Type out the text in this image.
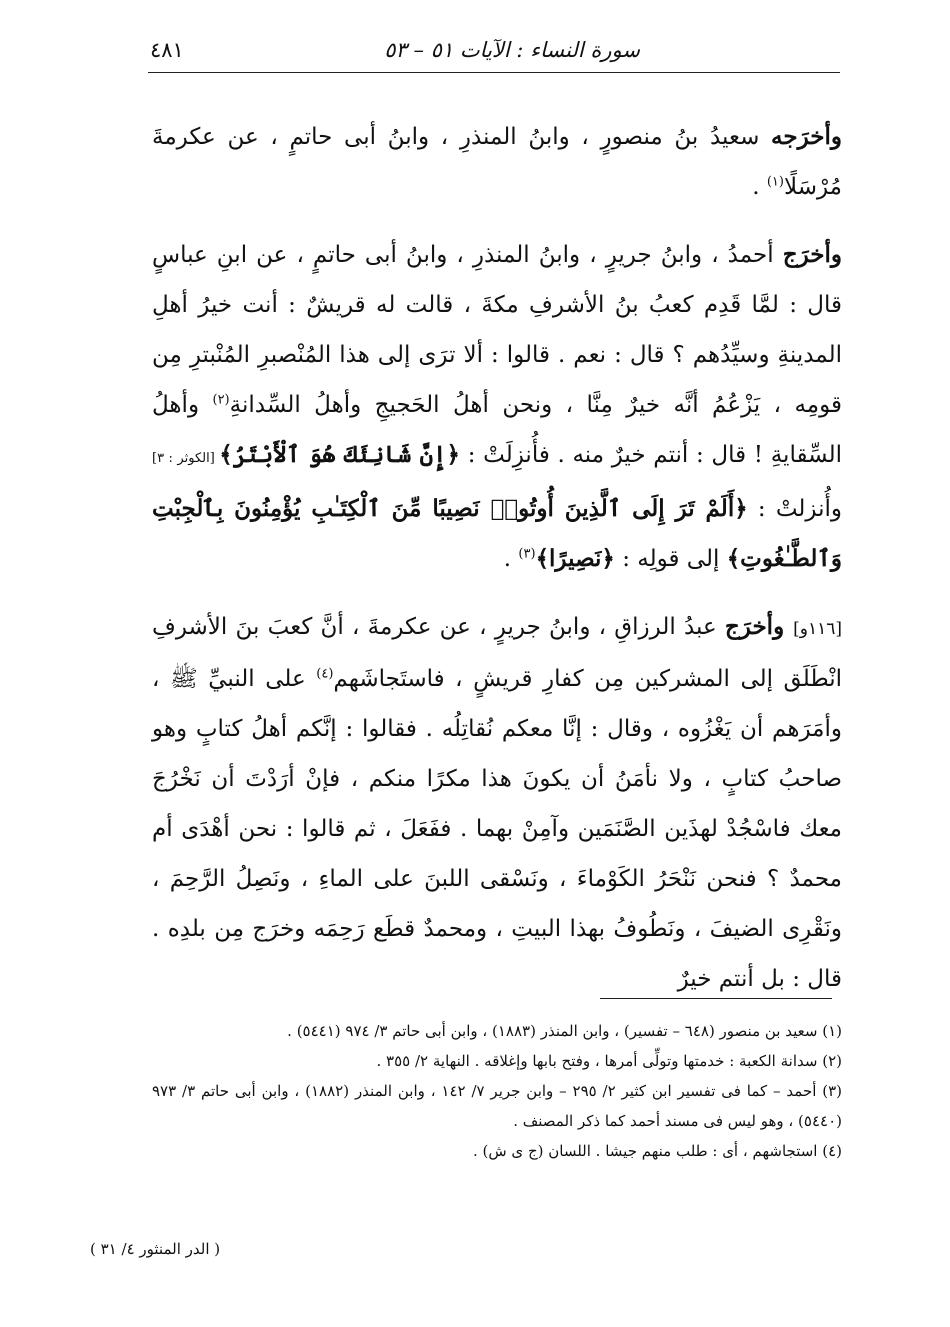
سورة النساء : الآيات ٥١ – ٥٣
٤٨١

وأخرَجه سعيدُ بنُ منصورٍ ، وابنُ المنذرِ ، وابنُ أبى حاتمٍ ، عن عكرمةَ مُرْسَلًا$^{(١)}$ .

وأخرَج أحمدُ ، وابنُ جريرٍ ، وابنُ المنذرِ ، وابنُ أبى حاتمٍ ، عن ابنِ عباسٍ قال : لمَّا قَدِم كعبُ بنُ الأشرفِ مكةَ ، قالت له قريشٌ : أنت خيرُ أهلِ المدينةِ وسيِّدُهم ؟ قال : نعم . قالوا : ألا ترَى إلى هذا المُنْصبرِ المُنْبترِ مِن قومِه ، يَزْعُمُ أنَّه خيرٌ مِنَّا ، ونحن أهلُ الحَجيجِ وأهلُ السِّدانةِ$^{(٢)}$ وأهلُ السِّقايةِ ! قال : أنتم خيرٌ منه . فأُنزِلَتْ : ﴿إِنَّ شَانِئَكَ هُوَ ٱلْأَبْتَرُ﴾ [الكوثر : ٣] وأُنزلتْ : ﴿أَلَمْ تَرَ إِلَى ٱلَّذِينَ أُوتُوا۟ نَصِيبًا مِّنَ ٱلْكِتَـٰبِ يُؤْمِنُونَ بِٱلْجِبْتِ وَٱلطَّـٰغُوتِ﴾ إلى قولِه : ﴿نَصِيرًا﴾$^{(٣)}$ .

[١١٦و] وأخرَج عبدُ الرزاقِ ، وابنُ جريرٍ ، عن عكرمةَ ، أنَّ كعبَ بنَ الأشرفِ انْطَلَق إلى المشركين مِن كفارِ قريشٍ ، فاستَجاشَهم$^{(٤)}$ على النبيِّ ﷺ ، وأمَرَهم أن يَغْزُوه ، وقال : إنَّا معكم نُقاتِلُه . فقالوا : إنَّكم أهلُ كتابٍ وهو صاحبُ كتابٍ ، ولا نأمَنُ أن يكونَ هذا مكرًا منكم ، فإنْ أرَدْتَ أن نَخْرُجَ معك فاسْجُدْ لهذَين الصَّنَمَين وآمِنْ بهما . ففَعَلَ ، ثم قالوا : نحن أهْدَى أم محمدٌ ؟ فنحن نَنْحَرُ الكَوْماءَ ، ونَسْقى اللبنَ على الماءِ ، ونَصِلُ الرَّحِمَ ، ونَقْرِى الضيفَ ، ونَطُوفُ بهذا البيتِ ، ومحمدٌ قطَع رَحِمَه وخرَج مِن بلدِه . قال : بل أنتم خيرٌ

(١) سعيد بن منصور (٦٤٨ – تفسير) ، وابن المنذر (١٨٨٣) ، وابن أبى حاتم ٣/ ٩٧٤ (٥٤٤١) .

(٢) سدانة الكعبة : خدمتها وتولِّى أمرها ، وفتح بابها وإغلاقه . النهاية ٢/ ٣٥٥ .

(٣) أحمد – كما فى تفسير ابن كثير ٢/ ٢٩٥ – وابن جرير ٧/ ١٤٢ ، وابن المنذر (١٨٨٢) ، وابن أبى حاتم ٣/ ٩٧٣ (٥٤٤٠) ، وهو ليس فى مسند أحمد كما ذكر المصنف .

(٤) استجاشهم ، أى : طلب منهم جيشا . اللسان (ج ى ش) .

( الدر المنثور ٤/ ٣١ )
